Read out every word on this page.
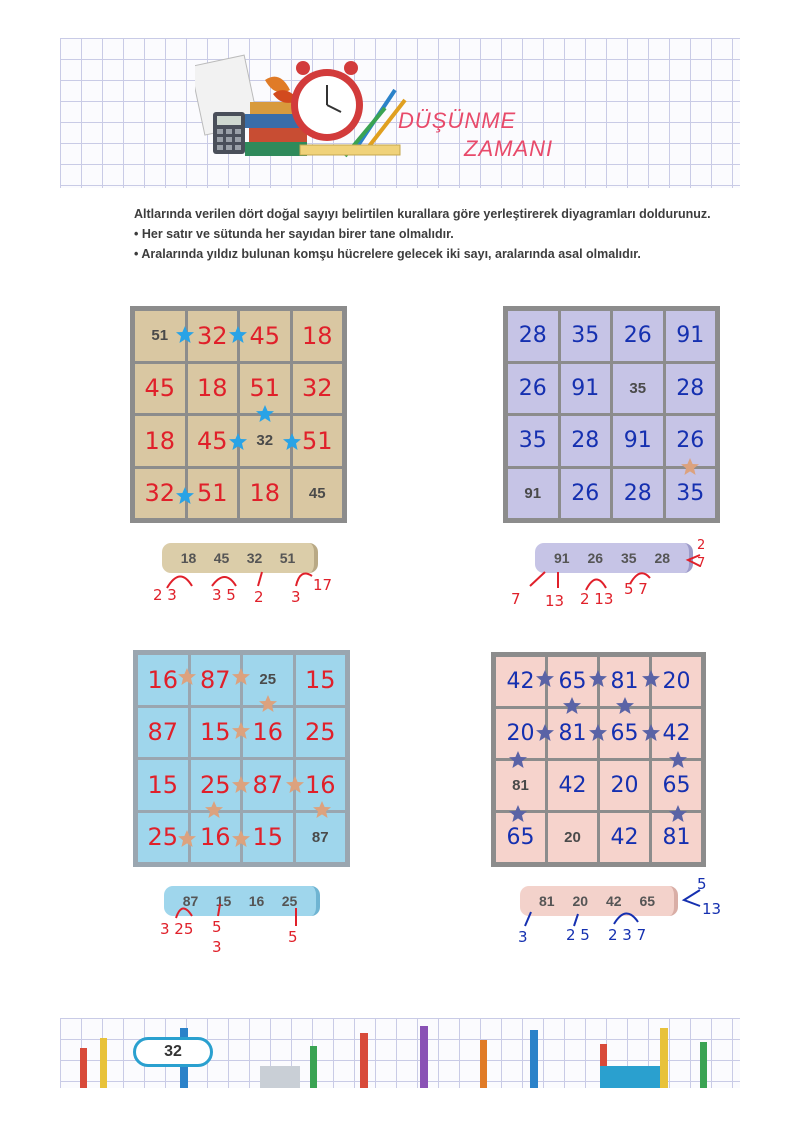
DÜŞÜNME
ZAMANI
Altlarında verilen dört doğal sayıyı belirtilen kurallara göre yerleştirerek diyagramları doldurunuz.
• Her satır ve sütunda her sayıdan birer tane olmalıdır.
• Aralarında yıldız bulunan komşu hücrelere gelecek iki sayı, aralarında asal olmalıdır.
51	32 45 18
45 18 51 32
18 45	32	51
32 51 18	45
28	35	26	91
26	91	35	28
35	28	91	26
91	26	28	35
16 87	25	15
87 15 16 25
15 25 87 16
25 16 15	87
42	65	81	20
20	81	65	42
81	42	20	65
65	20	42	81
18 45 32 51	91 26 35 28
87 15 16 25	81 20 42 65
2 3 3 5 2 3
17
7 13 2 13
5 7
2
7
3 25 5
3
5	3	2 5 2 3 7
5
13
32
